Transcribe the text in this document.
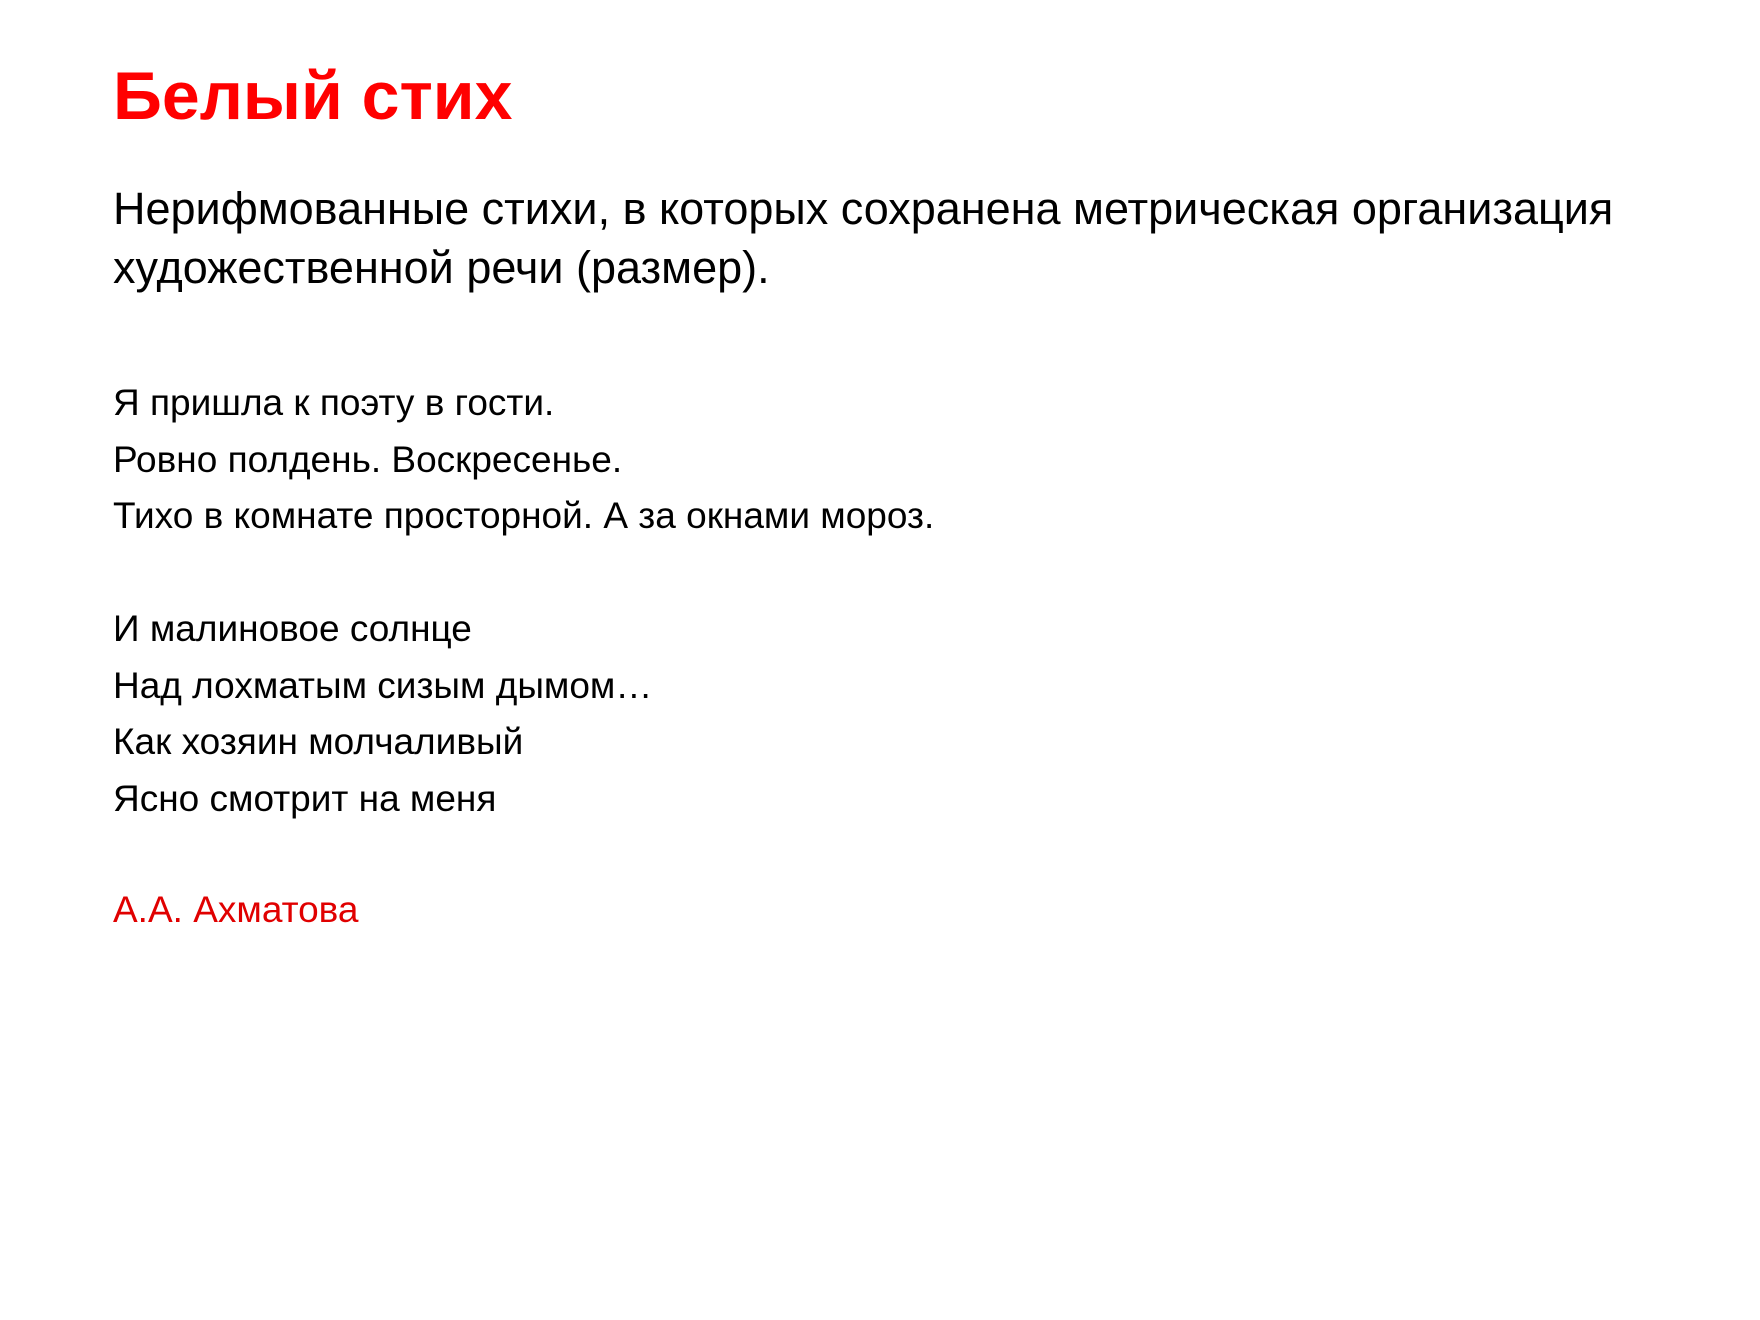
Белый стих

Нерифмованные стихи, в которых сохранена метрическая организация художественной речи (размер).

Я пришла к поэту в гости.
Ровно полдень. Воскресенье.
Тихо в комнате просторной. А за окнами мороз.
И малиновое солнце
Над лохматым сизым дымом…
Как хозяин молчаливый
Ясно смотрит на меня

А.А. Ахматова
